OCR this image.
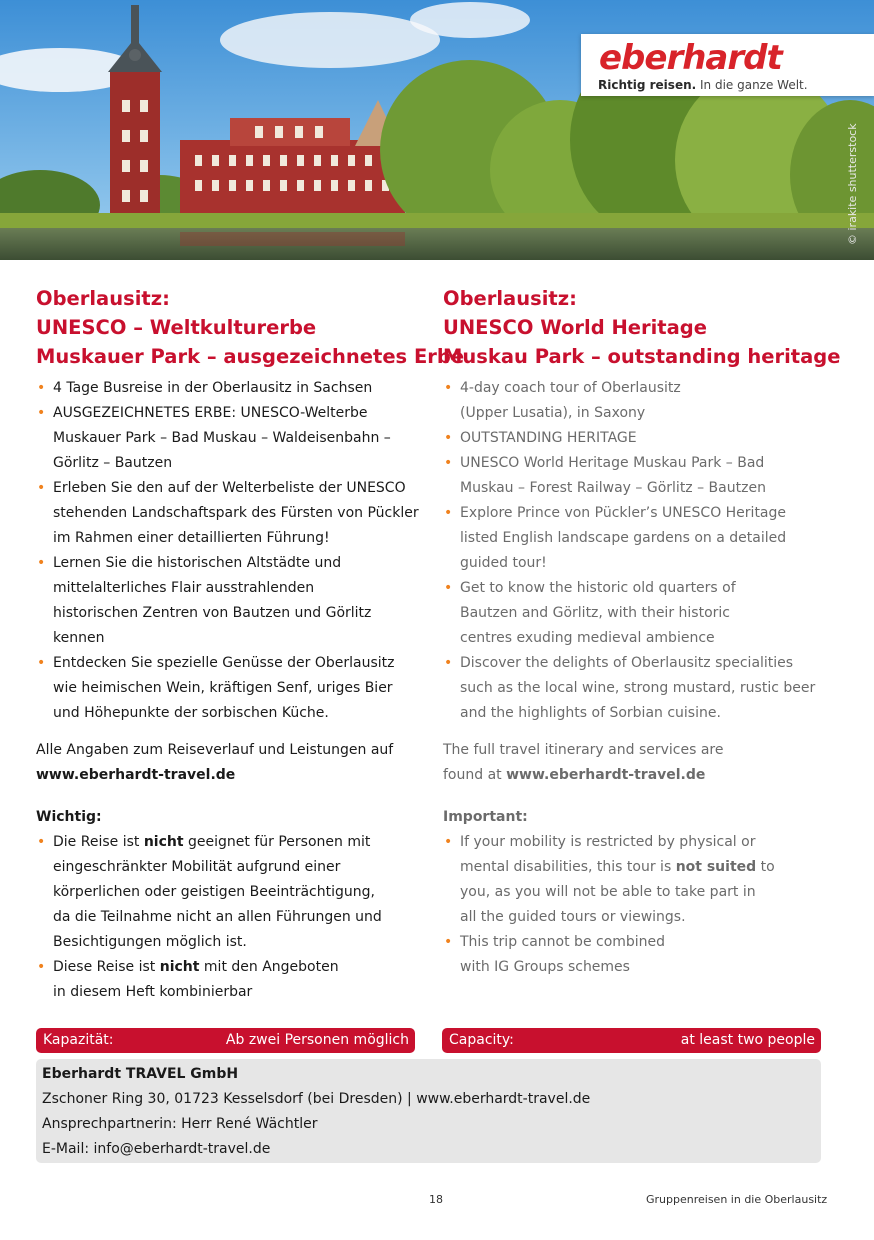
eberhardt
Richtig reisen. In die ganze Welt.
© irakite shutterstock
Oberlausitz:
UNESCO – Weltkulturerbe
Muskauer Park – ausgezeichnetes Erbe
• 4 Tage Busreise in der Oberlausitz in Sachsen
• AUSGEZEICHNETES ERBE: UNESCO-Welterbe Muskauer Park – Bad Muskau – Waldeisenbahn – Görlitz – Bautzen
• Erleben Sie den auf der Welterbeliste der UNESCO stehenden Landschaftspark des Fürsten von Pückler im Rahmen einer detaillierten Führung!
• Lernen Sie die historischen Altstädte und mittelalterliches Flair ausstrahlenden historischen Zentren von Bautzen und Görlitz kennen
• Entdecken Sie spezielle Genüsse der Oberlausitz wie heimischen Wein, kräftigen Senf, uriges Bier und Höhepunkte der sorbischen Küche.
Oberlausitz:
UNESCO World Heritage
Muskau Park – outstanding heritage
• 4-day coach tour of Oberlausitz (Upper Lusatia), in Saxony
• OUTSTANDING HERITAGE
• UNESCO World Heritage Muskau Park – Bad Muskau – Forest Railway – Görlitz – Bautzen
• Explore Prince von Pückler’s UNESCO Heritage listed English landscape gardens on a detailed guided tour!
• Get to know the historic old quarters of Bautzen and Görlitz, with their historic centres exuding medieval ambience
• Discover the delights of Oberlausitz specialities such as the local wine, strong mustard, rustic beer and the highlights of Sorbian cuisine.

Alle Angaben zum Reiseverlauf und Leistungen auf

www.eberhardt-travel.de

The full travel itinerary and services are

found at www.eberhardt-travel.de

Wichtig:

• Die Reise ist nicht geeignet für Personen mit eingeschränkter Mobilität aufgrund einer körperlichen oder geistigen Beeinträchtigung, da die Teilnahme nicht an allen Führungen und Besichtigungen möglich ist.
• Diese Reise ist nicht mit den Angeboten in diesem Heft kombinierbar

Important:

• If your mobility is restricted by physical or mental disabilities, this tour is not suited to you, as you will not be able to take part in all the guided tours or viewings.
• This trip cannot be combined with IG Groups schemes
Kapazität:	Ab zwei Personen möglich	Capacity:	at least two people

Eberhardt TRAVEL GmbH

Zschoner Ring 30, 01723 Kesselsdorf (bei Dresden) | www.eberhardt-travel.de

Ansprechpartnerin: Herr René Wächtler

E-Mail: info@eberhardt-travel.de

18	Gruppenreisen in die Oberlausitz
